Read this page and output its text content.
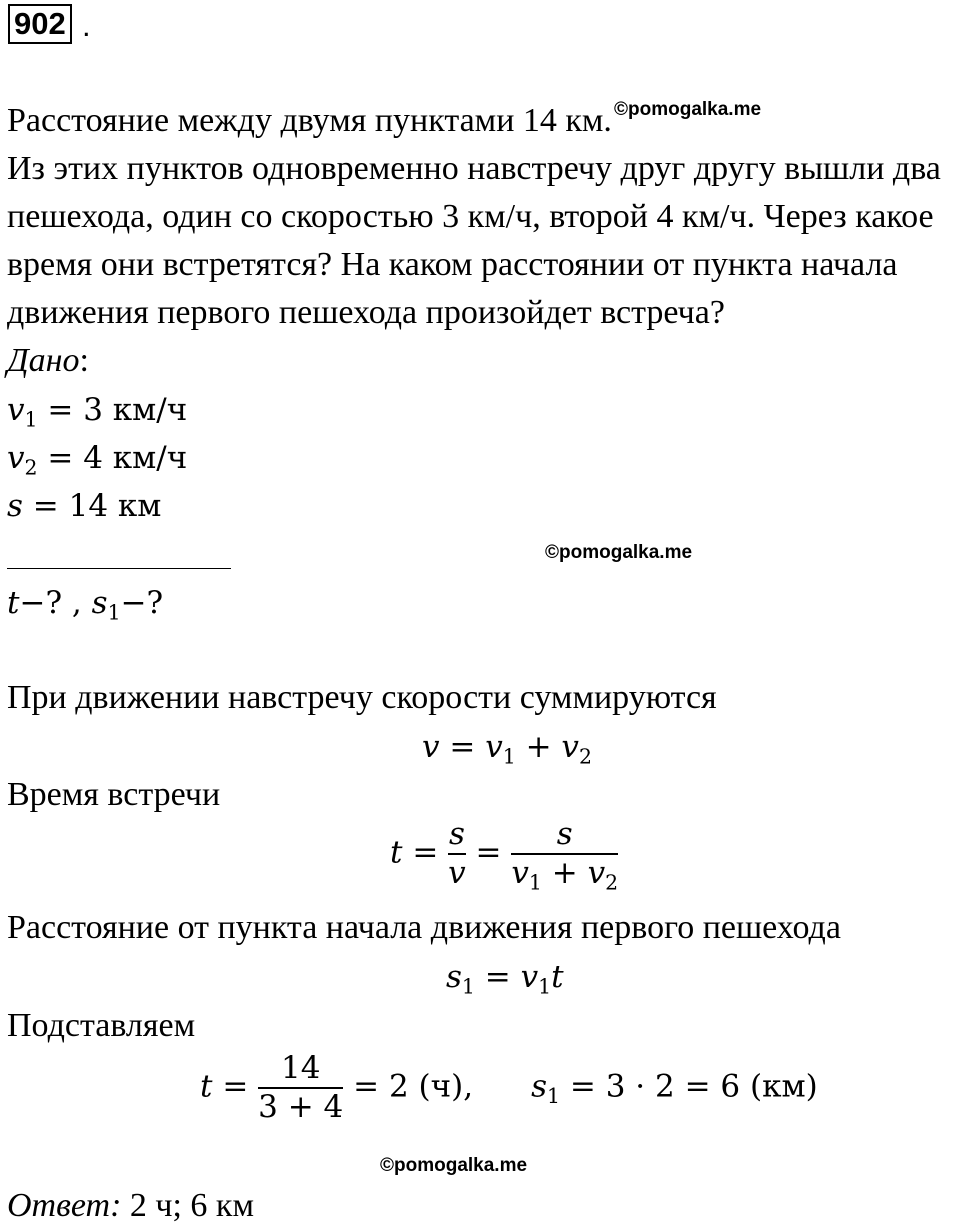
902 .
Расстояние между двумя пунктами 14 км. ©pomogalka.me
Из этих пунктов одновременно навстречу друг другу вышли два
пешехода, один со скоростью 3 км/ч, второй 4 км/ч. Через какое
время они встретятся? На каком расстоянии от пункта начала
движения первого пешехода произойдет встреча?
Дано:
$v_1 = 3$ км/ч
$v_2 = 4$ км/ч
s = 14 км
©pomogalka.me
t−? , $s_1-$?
При движении навстречу скорости суммируются
$v = v_1 + v_2$
Время встречи
$t = \frac{s}{v} = \frac{s}{v_1 + v_2}$
Расстояние от пункта начала движения первого пешехода
$s_1 = v_1t$
Подставляем
$t = \frac{14}{3 + 4} = 2$ (ч), $s_1 = 3 \cdot 2 = 6$ (км)
©pomogalka.me
Ответ: 2 ч; 6 км
